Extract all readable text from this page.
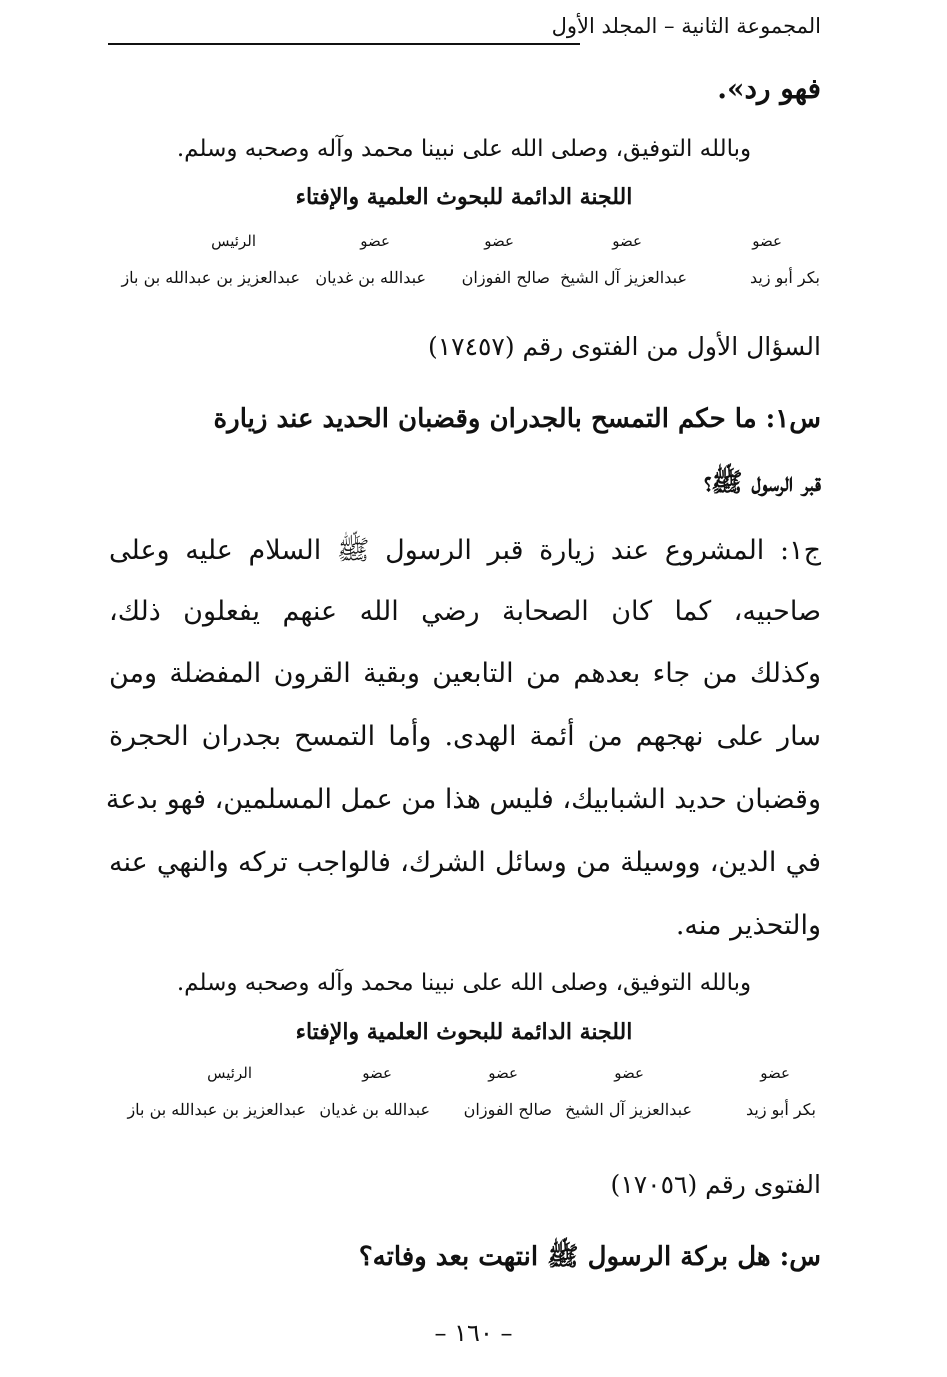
المجموعة الثانية – المجلد الأول
فهو رد».
وبالله التوفيق، وصلى الله على نبينا محمد وآله وصحبه وسلم.
اللجنة الدائمة للبحوث العلمية والإفتاء
عضو
عضو
عضو
عضو
الرئيس
بكر أبو زيد
عبدالعزيز آل الشيخ
صالح الفوزان
عبدالله بن غديان
عبدالعزيز بن عبدالله بن باز
السؤال الأول من الفتوى رقم (١٧٤٥٧)
س١: ما حكم التمسح بالجدران وقضبان الحديد عند زيارة
قبر الرسول ﷺ؟
ج١: المشروع عند زيارة قبر الرسول ﷺ السلام عليه وعلى
صاحبيه، كما كان الصحابة رضي الله عنهم يفعلون ذلك،
وكذلك من جاء بعدهم من التابعين وبقية القرون المفضلة ومن
سار على نهجهم من أئمة الهدى. وأما التمسح بجدران الحجرة
وقضبان حديد الشبابيك، فليس هذا من عمل المسلمين، فهو بدعة
في الدين، ووسيلة من وسائل الشرك، فالواجب تركه والنهي عنه
والتحذير منه.
وبالله التوفيق، وصلى الله على نبينا محمد وآله وصحبه وسلم.
اللجنة الدائمة للبحوث العلمية والإفتاء
عضو
عضو
عضو
عضو
الرئيس
بكر أبو زيد
عبدالعزيز آل الشيخ
صالح الفوزان
عبدالله بن غديان
عبدالعزيز بن عبدالله بن باز
الفتوى رقم (١٧٠٥٦)
س: هل بركة الرسول ﷺ انتهت بعد وفاته؟
– ١٦٠ –
